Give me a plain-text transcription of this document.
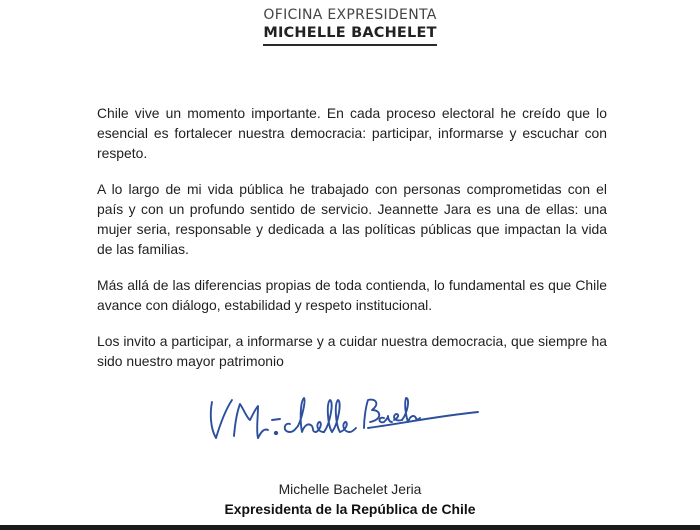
OFICINA EXPRESIDENTA
MICHELLE BACHELET

Chile vive un momento importante. En cada proceso electoral he creído que lo esencial es fortalecer nuestra democracia: participar, informarse y escuchar con respeto.

A lo largo de mi vida pública he trabajado con personas comprometidas con el país y con un profundo sentido de servicio. Jeannette Jara es una de ellas: una mujer seria, responsable y dedicada a las políticas públicas que impactan la vida de las familias.

Más allá de las diferencias propias de toda contienda, lo fundamental es que Chile avance con diálogo, estabilidad y respeto institucional.

Los invito a participar, a informarse y a cuidar nuestra democracia, que siempre ha sido nuestro mayor patrimonio

Michelle Bachelet Jeria
Expresidenta de la República de Chile
